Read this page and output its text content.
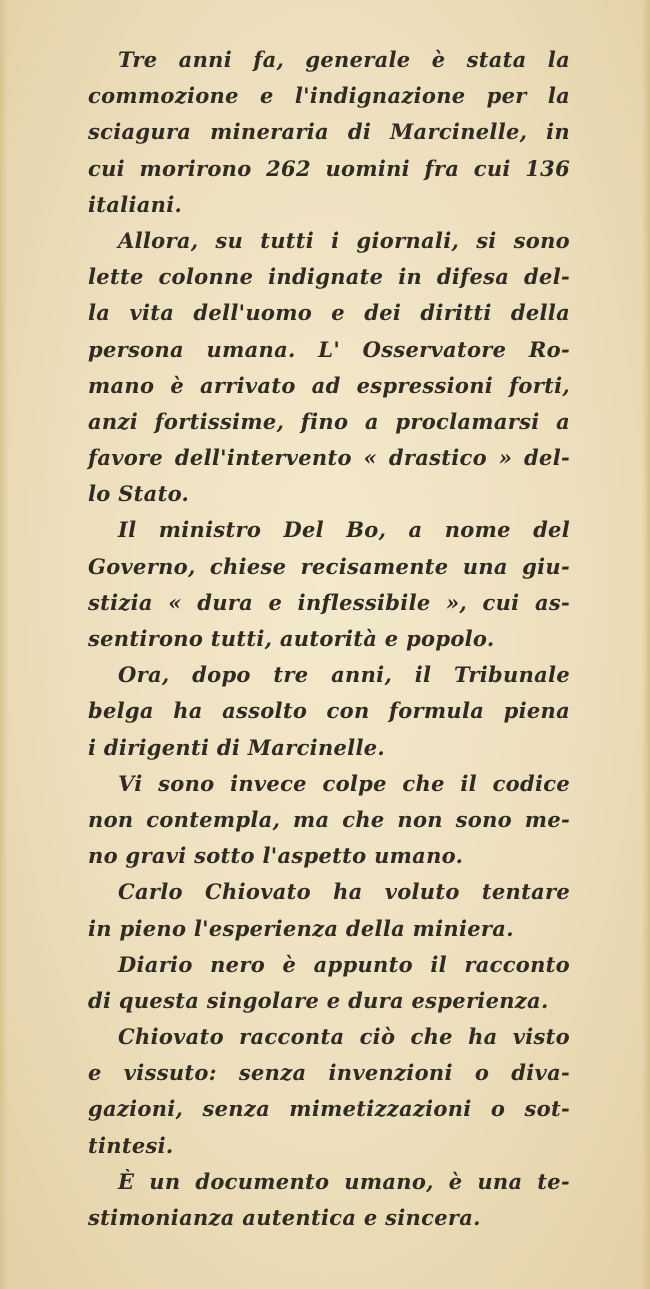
Tre anni fa, generale è stata la
commozione e l'indignazione per la
sciagura mineraria di Marcinelle, in
cui morirono 262 uomini fra cui 136
italiani.

Allora, su tutti i giornali, si sono
lette colonne indignate in difesa del-
la vita dell'uomo e dei diritti della
persona umana. L' Osservatore Ro-
mano è arrivato ad espressioni forti,
anzi fortissime, fino a proclamarsi a
favore dell'intervento « drastico » del-
lo Stato.

Il ministro Del Bo, a nome del
Governo, chiese recisamente una giu-
stizia « dura e inflessibile », cui as-
sentirono tutti, autorità e popolo.

Ora, dopo tre anni, il Tribunale
belga ha assolto con formula piena
i dirigenti di Marcinelle.

Vi sono invece colpe che il codice
non contempla, ma che non sono me-
no gravi sotto l'aspetto umano.

Carlo Chiovato ha voluto tentare
in pieno l'esperienza della miniera.

Diario nero è appunto il racconto
di questa singolare e dura esperienza.

Chiovato racconta ciò che ha visto
e vissuto: senza invenzioni o diva-
gazioni, senza mimetizzazioni o sot-
tintesi.

È un documento umano, è una te-
stimonianza autentica e sincera.
